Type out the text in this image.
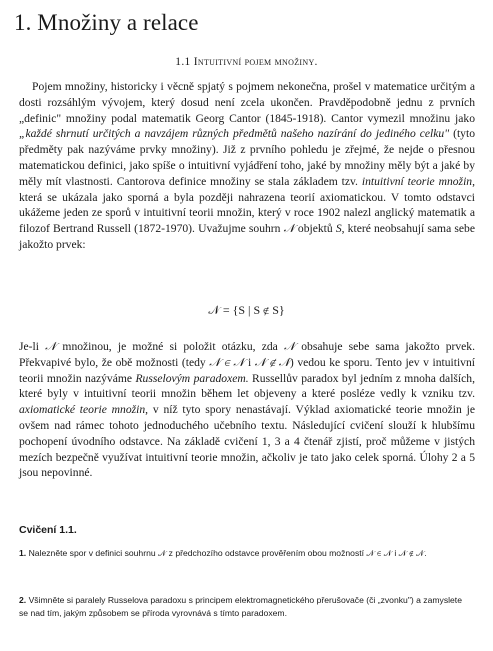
1. Množiny a relace
1.1 Intuitivní pojem množiny.
Pojem množiny, historicky i věcně spjatý s pojmem nekonečna, prošel v matematice určitým a dosti rozsáhlým vývojem, který dosud není zcela ukončen. Pravděpodobně jednu z prvních „definic" množiny podal matematik Georg Cantor (1845-1918). Cantor vymezil množinu jako „každé shrnutí určitých a navzájem různých předmětů našeho nazírání do jediného celku" (tyto předměty pak nazýváme prvky množiny). Již z prvního pohledu je zřejmé, že nejde o přesnou matematickou definici, jako spíše o intuitivní vyjádření toho, jaké by množiny měly být a jaké by měly mít vlastnosti. Cantorova definice množiny se stala základem tzv. intuitivní teorie množin, která se ukázala jako sporná a byla později nahrazena teorií axiomatickou. V tomto odstavci ukážeme jeden ze sporů v intuitivní teorii množin, který v roce 1902 nalezl anglický matematik a filozof Bertrand Russell (1872-1970). Uvažujme souhrn 𝒩 objektů S, které neobsahují sama sebe jakožto prvek:
𝒩 = {S | S ∉ S}
Je-li 𝒩 množinou, je možné si položit otázku, zda 𝒩 obsahuje sebe sama jakožto prvek. Překvapivé bylo, že obě možnosti (tedy 𝒩 ∈ 𝒩 i 𝒩 ∉ 𝒩) vedou ke sporu. Tento jev v intuitivní teorii množin nazýváme Russelovým paradoxem. Russellův paradox byl jedním z mnoha dalších, které byly v intuitivní teorii množin během let objeveny a které posléze vedly k vzniku tzv. axiomatické teorie množin, v níž tyto spory nenastávají. Výklad axiomatické teorie množin je ovšem nad rámec tohoto jednoduchého učebního textu. Následující cvičení slouží k hlubšímu pochopení úvodního odstavce. Na základě cvičení 1, 3 a 4 čtenář zjistí, proč můžeme v jistých mezích bezpečně využívat intuitivní teorie množin, ačkoliv je tato jako celek sporná. Úlohy 2 a 5 jsou nepovinné.
Cvičení 1.1.
1. Nalezněte spor v definici souhrnu 𝒩 z předchozího odstavce prověřením obou možností 𝒩 ∈ 𝒩 i 𝒩 ∉ 𝒩.
2. Všimněte si paralely Russelova paradoxu s principem elektromagnetického přerušovače (či „zvonku") a zamyslete se nad tím, jakým způsobem se příroda vyrovnává s tímto paradoxem.
